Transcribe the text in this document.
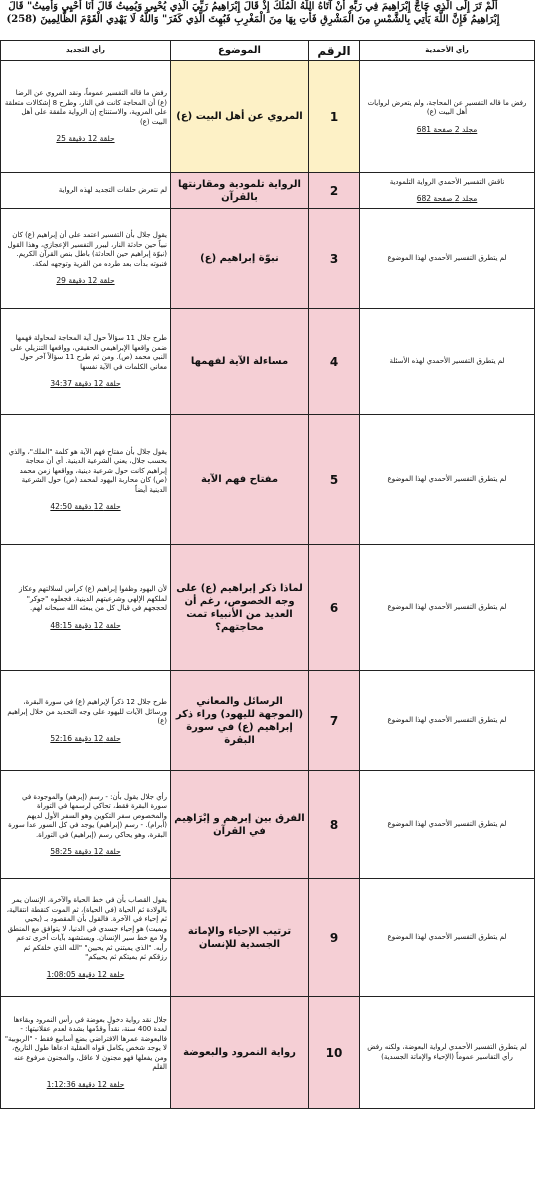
أَلَمْ تَرَ إِلَى الَّذِي حَاجَّ إِبْرَاهِيمَ فِي رَبِّهِ أَنْ آتَاهُ اللَّهُ الْمُلْكَ إِذْ قَالَ إِبْرَاهِيمُ رَبِّيَ الَّذِي يُحْيِي وَيُمِيتُ قَالَ أَنَا أُحْيِي وَأُمِيتُ" قَالَ إِبْرَاهِيمُ فَإِنَّ اللَّهَ يَأْتِي بِالشَّمْسِ مِنَ الْمَشْرِقِ فَأْتِ بِهَا مِنَ الْمَغْرِبِ فَبُهِتَ الَّذِي كَفَرَ" وَاللَّهُ لَا يَهْدِي الْقَوْمَ الظَّالِمِينَ (258)
رأي الأحمدية	الرقم	الموضوع	رأي التجديد

رفض ما قاله التفسير عن المحاجة، ولم يتعرض لروايات أهل البيت (ع)
مجلد 2 صفحة 681	1	المروي عن أهل البيت (ع)	رفض ما قاله التفسير عموماً، ونقد المروي عن الرضا (ع) أن المحاجة كانت في النار، وطرح 8 إشكالات متعلقة على المروية، والاستنتاج إن الرواية ملفقة على أهل البيت (ع)
حلقة 12 دقيقة 25

ناقش التفسير الأحمدي الرواية التلمودية
مجلد 2 صفحة 682	2	الرواية تلمودية ومقارنتها بالقرآن	لم نتعرض حلقات التجديد لهذه الرواية

لم يتطرق التفسير الأحمدي لهذا الموضوع	3	نبوّة إبراهيم (ع)	يقول جلال بأن التفسير اعتمد على أن إبراهيم (ع) كان نبياً حين حادثة النار، ليبرر التفسير الإعجازي، وهذا القول (نبوّة إبراهيم حين الحادثة) باطل بنص القرآن الكريم. فنبوته بدأت بعد طرده من القرية وتوجهه لمكة.
حلقة 12 دقيقة 29

لم يتطرق التفسير الأحمدي لهذه الأسئلة	4	مساءلة الآية لفهمها	طرح جلال 11 سؤالاً حول آية المحاجة لمحاولة فهمها ضمن واقعها الإبراهيمي الحقيقي، وواقعها التنزيلي على النبي محمد (ص). ومن ثم طرح 11 سؤالاً آخر حول معاني الكلمات في الآية نفسها
حلقة 12 دقيقة 34:37

لم يتطرق التفسير الأحمدي لهذا الموضوع	5	مفتاح فهم الآية	يقول جلال بأن مفتاح فهم الآية هو كلمة "الملك"، والذي بحسب جلال، يعني الشرعية الدينية. أي أن محاجة إبراهيم كانت حول شرعية دينية، وواقعها زمن محمد (ص) كان محاربة اليهود لمحمد (ص) حول الشرعية الدينية أيضاً
حلقة 12 دقيقة 42:50

لم يتطرق التفسير الأحمدي لهذا الموضوع	6	لماذا ذكر إبراهيم (ع) على وجه الخصوص، رغم أن العديد من الأنبياء تمت محاجتهم؟	لأن اليهود وظفوا إبراهيم (ع) كرأس لسلالتهم وعكاز لملكهم الإلهي وشرعيتهم الدينية. فجعلوه "جوكر" لحججهم في قبال كل من يبعثه الله سبحانه لهم.
حلقة 12 دقيقة 48:15

لم يتطرق التفسير الأحمدي لهذا الموضوع	7	الرسائل والمعاني (الموجهة لليهود) وراء ذكر إبراهيم (ع) في سورة البقرة	طرح جلال 12 ذكراً لإبراهيم (ع) في سورة البقرة، ورسائل الآيات لليهود على وجه التحديد من خلال إبراهيم (ع)
حلقة 12 دقيقة 52:16

لم يتطرق التفسير الأحمدي لهذا الموضوع	8	الفرق بين إبرهم و إبْرَاهِيم في القرآن	رأي جلال يقول بأن: - رسم (إبرهم) والموجودة في سورة البقرة فقط، تحاكي لرسمها في التوراة والمخصوص سفر التكوين وهو السفر الأول لديهم (أبرام). - رسم (إبراهيم) يوجد في كل السور عدا سورة البقرة، وهو يحاكي رسم (إبراهيم) في التوراة.
حلقة 12 دقيقة 58:25

لم يتطرق التفسير الأحمدي لهذا الموضوع	9	ترتيب الإحياء والإماتة الجسدية للإنسان	يقول القصاب بأن في خط الحياة والآخرة، الإنسان يمر بالولادة ثم الحياة (في الحياة)، ثم الموت كنقطة انتقالية، ثم إحياء في الآخرة. فالقول بأن المقصود بـ (يحيي ويميت) هو إحياء جسدي في الدنيا، لا يتوافق مع المنطق ولا مع خط سير الإنسان. ويستشهد بآيات أخرى تدعم رأيه. "الذي يميتني ثم يحيين" "الله الذي خلقكم ثم رزقكم ثم يميتكم ثم يحييكم"
حلقة 12 دقيقة 1:08:05

لم يتطرق التفسير الأحمدي لرواية البعوضة، ولكنه رفض رأي التفاسير عموماً (الإحياء والإماتة الجسدية)	10	رواية النمرود والبعوضة	جلال نقد رواية دخول بعوضة في رأس النمرود وبقاءها لمدة 400 سنة، نقداً وقدّمها بشدة لعدم عقلانيتها: - فالبعوضة عمرها الافتراضي بضع أسابيع فقط - "الربوبية" لا يوجد شخص يكامل قواه العقلية ادعاها طول التاريخ، ومن يفعلها فهو مجنون لا عاقل، والمجنون مرفوع عنه القلم
حلقة 12 دقيقة 1:12:36
